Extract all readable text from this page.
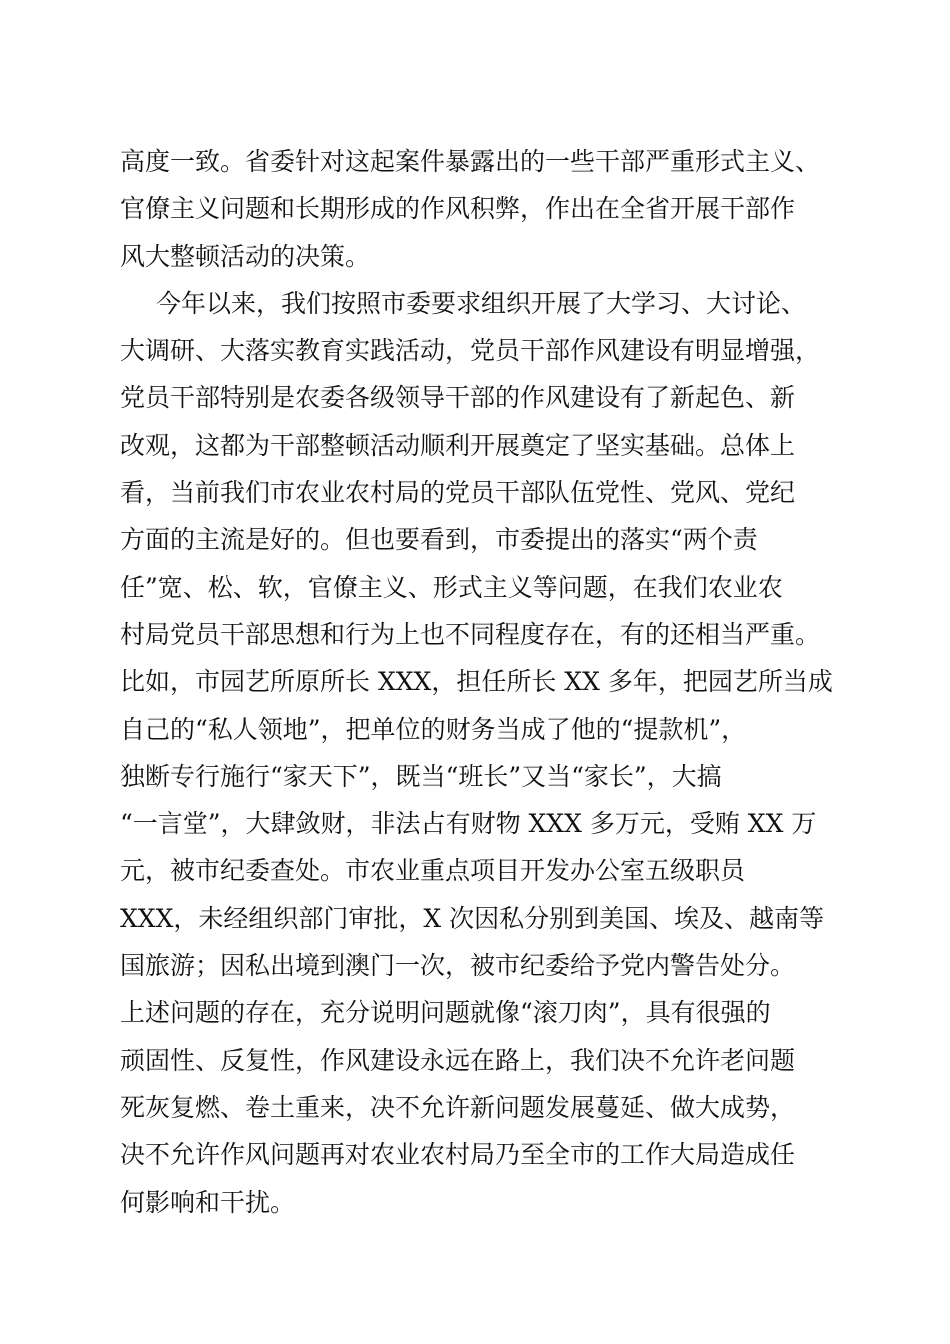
高度一致。省委针对这起案件暴露出的一些干部严重形式主义、
官僚主义问题和长期形成的作风积弊，作出在全省开展干部作
风大整顿活动的决策。
今年以来，我们按照市委要求组织开展了大学习、大讨论、
大调研、大落实教育实践活动，党员干部作风建设有明显增强，
党员干部特别是农委各级领导干部的作风建设有了新起色、新
改观，这都为干部整顿活动顺利开展奠定了坚实基础。总体上
看，当前我们市农业农村局的党员干部队伍党性、党风、党纪
方面的主流是好的。但也要看到，市委提出的落实“两个责
任”宽、松、软，官僚主义、形式主义等问题，在我们农业农
村局党员干部思想和行为上也不同程度存在，有的还相当严重。
比如，市园艺所原所长 XXX，担任所长 XX 多年，把园艺所当成
自己的“私人领地”，把单位的财务当成了他的“提款机”，
独断专行施行“家天下”，既当“班长”又当“家长”，大搞
“一言堂”，大肆敛财，非法占有财物 XXX 多万元，受贿 XX 万
元，被市纪委查处。市农业重点项目开发办公室五级职员
XXX，未经组织部门审批，X 次因私分别到美国、埃及、越南等
国旅游；因私出境到澳门一次，被市纪委给予党内警告处分。
上述问题的存在，充分说明问题就像“滚刀肉”，具有很强的
顽固性、反复性，作风建设永远在路上，我们决不允许老问题
死灰复燃、卷土重来，决不允许新问题发展蔓延、做大成势，
决不允许作风问题再对农业农村局乃至全市的工作大局造成任
何影响和干扰。
